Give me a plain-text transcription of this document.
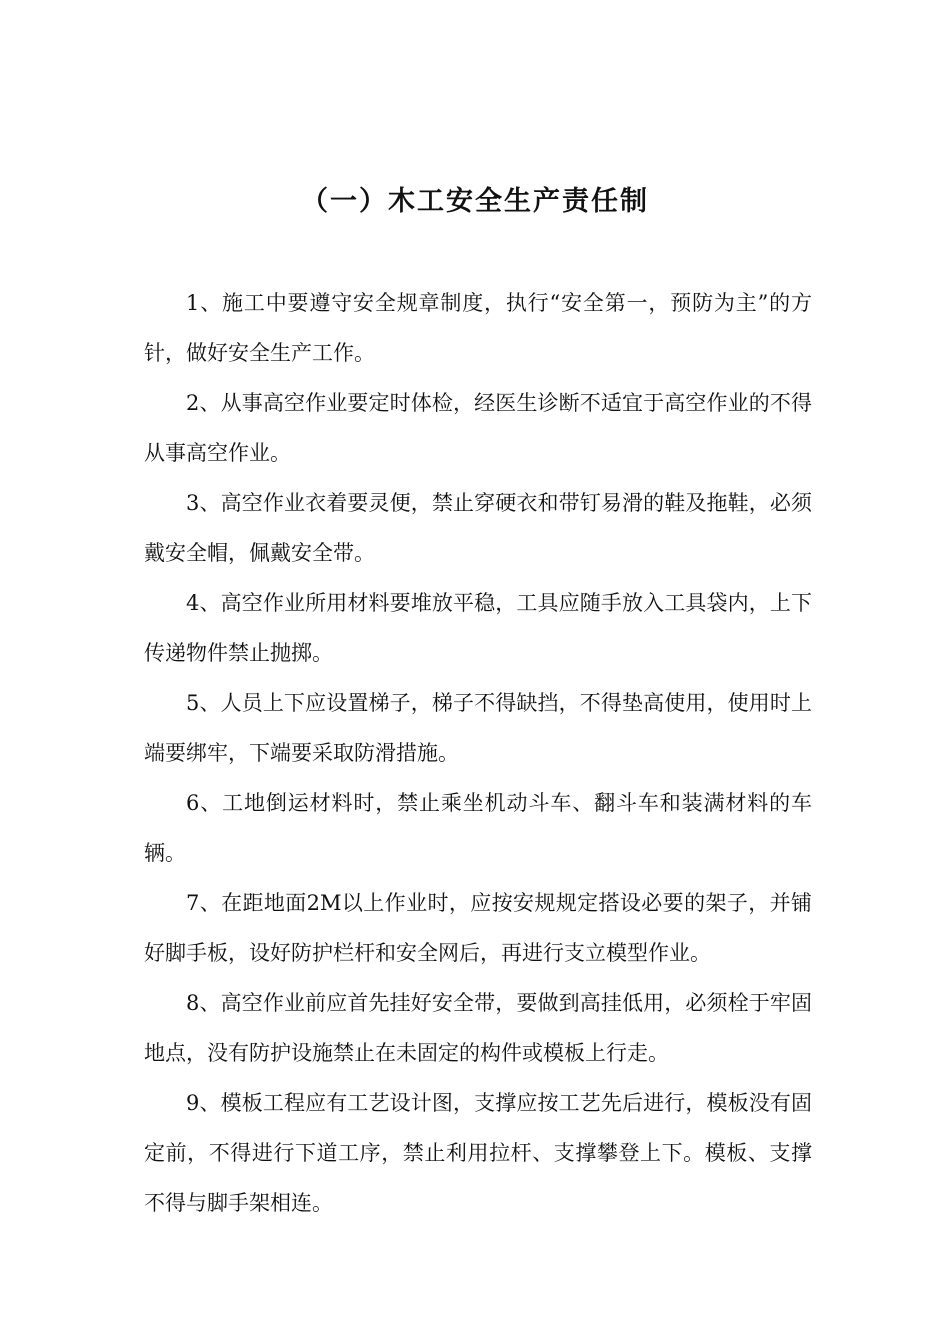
（一）木工安全生产责任制

1、施工中要遵守安全规章制度，执行“安全第一，预防为主”的方针，做好安全生产工作。

2、从事高空作业要定时体检，经医生诊断不适宜于高空作业的不得从事高空作业。

3、高空作业衣着要灵便，禁止穿硬衣和带钉易滑的鞋及拖鞋，必须戴安全帽，佩戴安全带。

4、高空作业所用材料要堆放平稳，工具应随手放入工具袋内，上下传递物件禁止抛掷。

5、人员上下应设置梯子，梯子不得缺挡，不得垫高使用，使用时上端要绑牢，下端要采取防滑措施。

6、工地倒运材料时，禁止乘坐机动斗车、翻斗车和装满材料的车辆。

7、在距地面2M以上作业时，应按安规规定搭设必要的架子，并铺好脚手板，设好防护栏杆和安全网后，再进行支立模型作业。

8、高空作业前应首先挂好安全带，要做到高挂低用，必须栓于牢固地点，没有防护设施禁止在未固定的构件或模板上行走。

9、模板工程应有工艺设计图，支撑应按工艺先后进行，模板没有固定前，不得进行下道工序，禁止利用拉杆、支撑攀登上下。模板、支撑不得与脚手架相连。
